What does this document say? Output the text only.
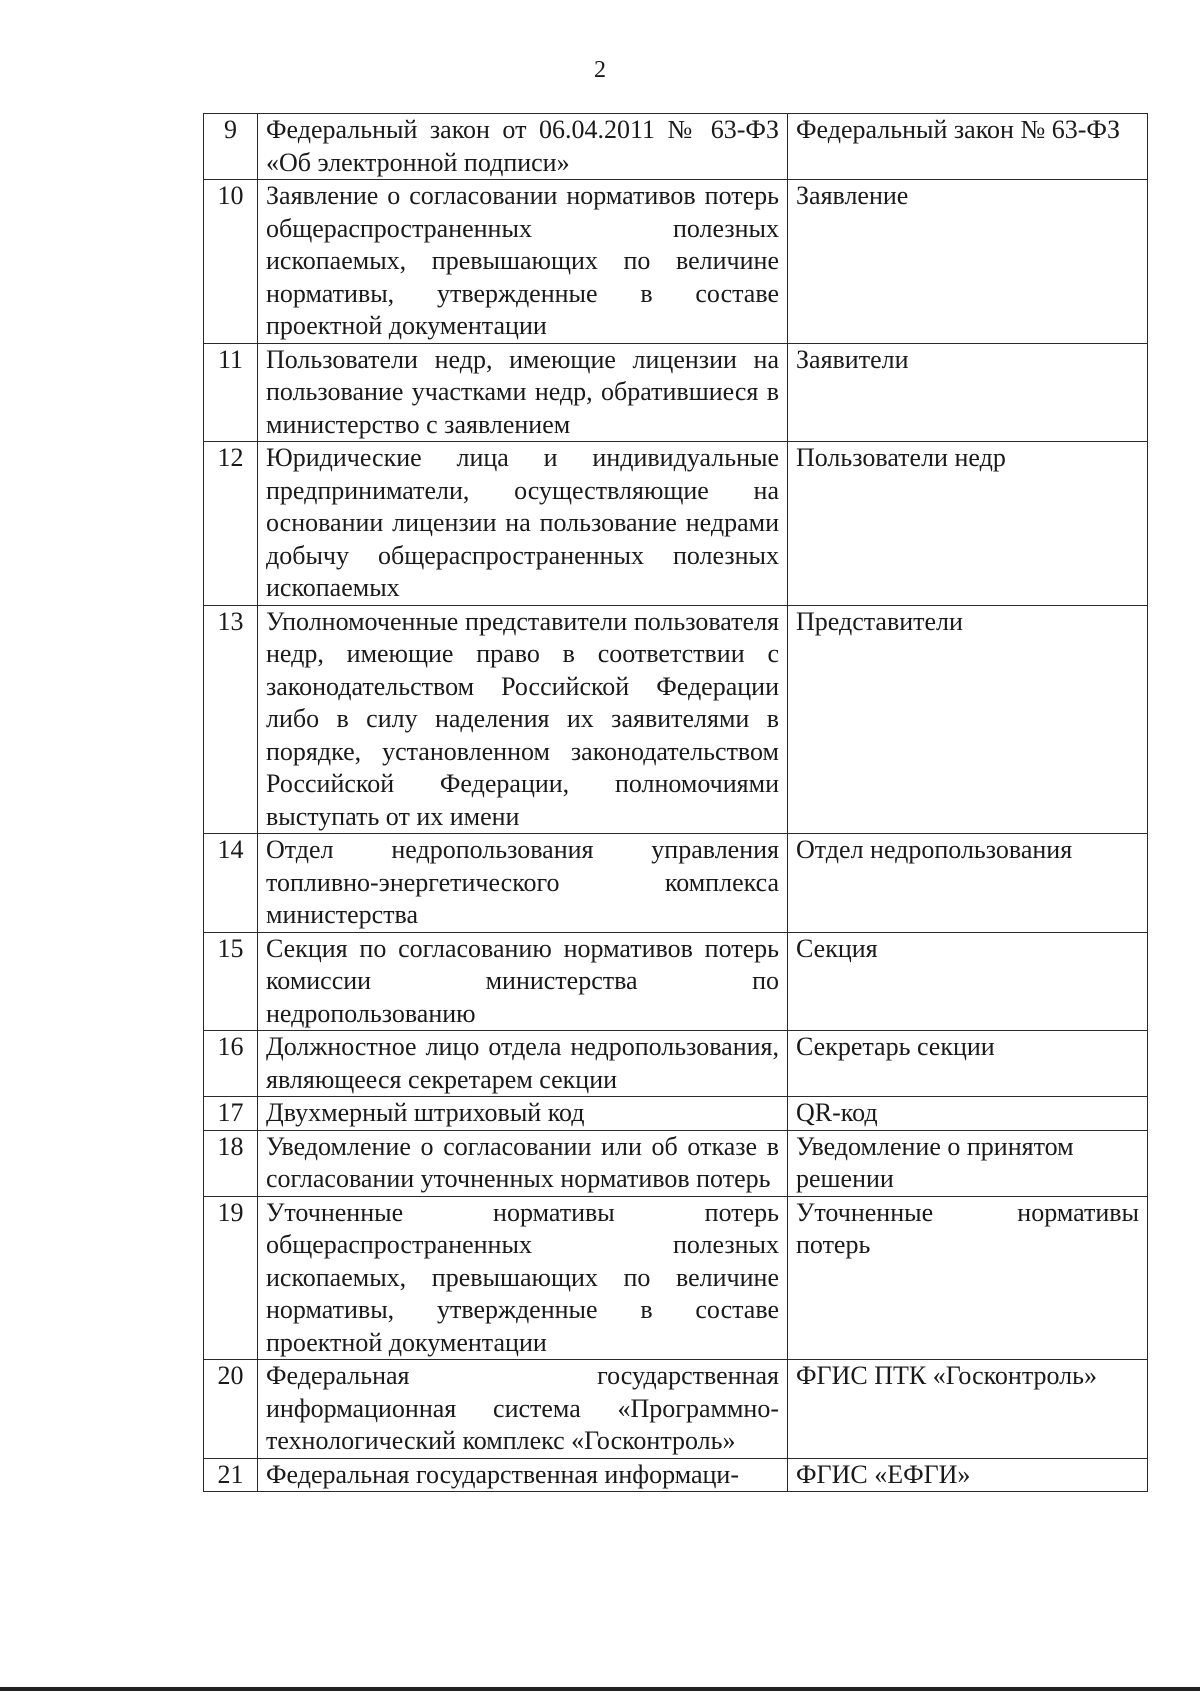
2
9	Федеральный закон от 06.04.2011 № 63-ФЗ «Об электронной подписи»	Федеральный закон № 63-ФЗ
10	Заявление о согласовании нормативов потерь общераспространенных полезных ископаемых, превышающих по величине нормативы, утвержденные в составе проектной документации	Заявление
11	Пользователи недр, имеющие лицензии на пользование участками недр, обратившиеся в министерство с заявлением	Заявители
12	Юридические лица и индивидуальные предприниматели, осуществляющие на основании лицензии на пользование недрами добычу общераспространенных полезных ископаемых	Пользователи недр
13	Уполномоченные представители пользователя недр, имеющие право в соответствии с законодательством Российской Федерации либо в силу наделения их заявителями в порядке, установленном законодательством Российской Федерации, полномочиями выступать от их имени	Представители
14	Отдел недропользования управления топливно-энергетического комплекса министерства	Отдел недропользования
15	Секция по согласованию нормативов потерь комиссии министерства по недропользованию	Секция
16	Должностное лицо отдела недропользования, являющееся секретарем секции	Секретарь секции
17	Двухмерный штриховый код	QR-код
18	Уведомление о согласовании или об отказе в согласовании уточненных нормативов потерь	Уведомление о принятом решении
19	Уточненные нормативы потерь общераспространенных полезных ископаемых, превышающих по величине нормативы, утвержденные в составе проектной документации	Уточненные нормативы потерь
20	Федеральная государственная информационная система «Программно-технологический комплекс «Госконтроль»	ФГИС ПТК «Госконтроль»
21	Федеральная государственная информаци-	ФГИС «ЕФГИ»
